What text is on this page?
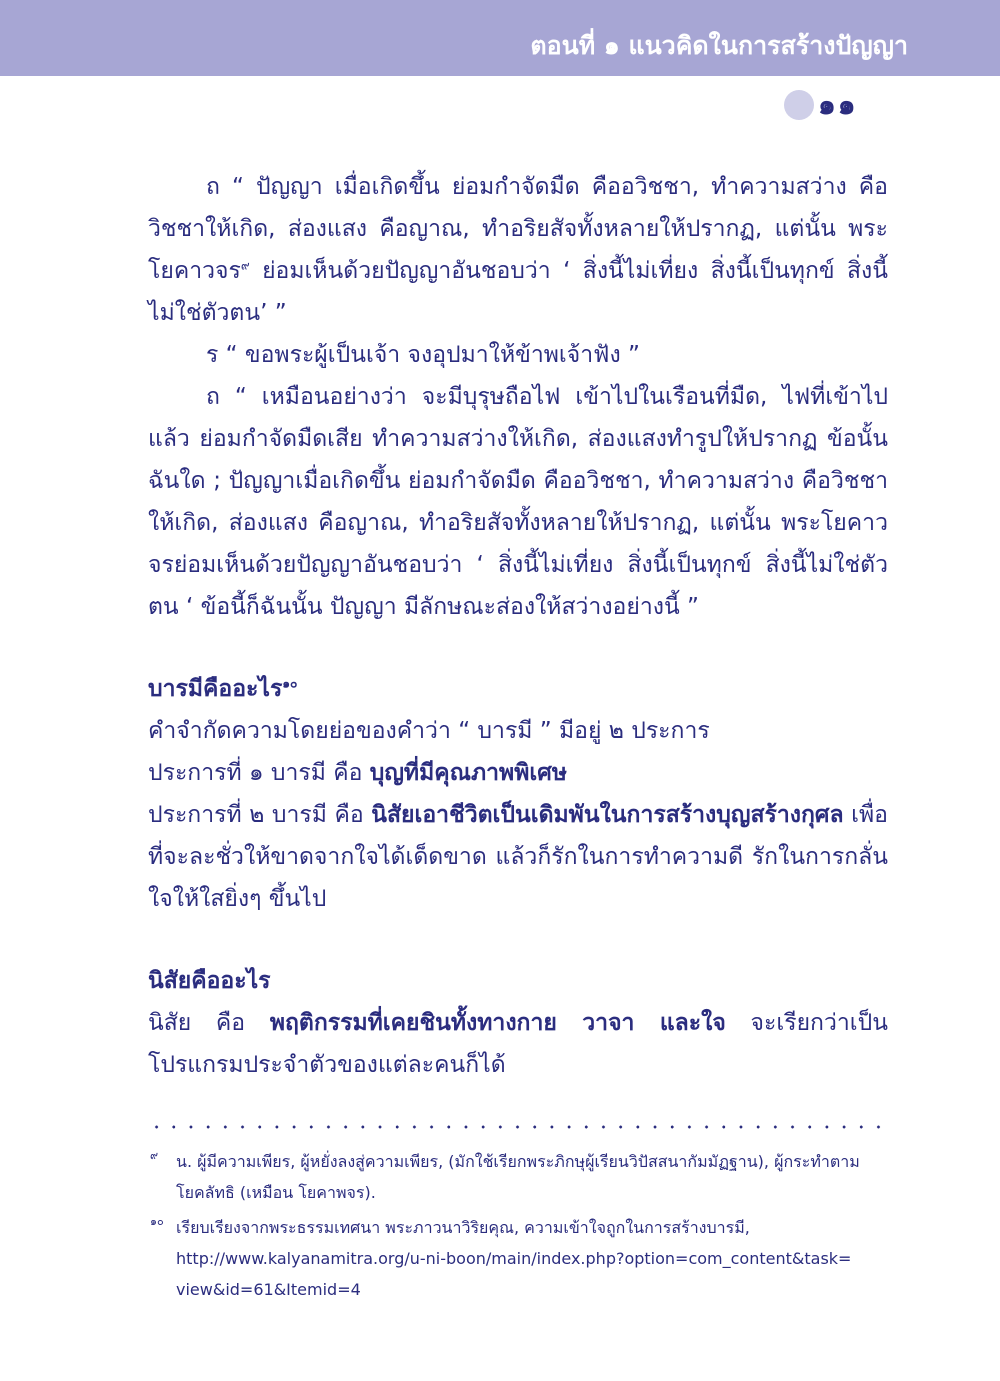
ตอนที่ ๑ แนวคิดในการสร้างปัญญา
๑๑

ถ “ ปัญญา เมื่อเกิดขึ้น ย่อมกำจัดมืด คืออวิชชา, ทำความสว่าง คือ วิชชาให้เกิด, ส่องแสง คือญาณ, ทำอริยสัจทั้งหลายให้ปรากฏ, แต่นั้น พระโยคาวจร$^๙$ ย่อมเห็นด้วยปัญญาอันชอบว่า ‘ สิ่งนี้ไม่เที่ยง สิ่งนี้เป็นทุกข์ สิ่งนี้ไม่ใช่ตัวตน’ ”

ร “ ขอพระผู้เป็นเจ้า จงอุปมาให้ข้าพเจ้าฟัง ”

ถ “ เหมือนอย่างว่า จะมีบุรุษถือไฟ เข้าไปในเรือนที่มืด, ไฟที่เข้าไปแล้ว ย่อมกำจัดมืดเสีย ทำความสว่างให้เกิด, ส่องแสงทำรูปให้ปรากฏ ข้อนั้นฉันใด ; ปัญญาเมื่อเกิดขึ้น ย่อมกำจัดมืด คืออวิชชา, ทำความสว่าง คือวิชชาให้เกิด, ส่องแสง คือญาณ, ทำอริยสัจทั้งหลายให้ปรากฏ, แต่นั้น พระโยคาวจรย่อมเห็นด้วยปัญญาอันชอบว่า ‘ สิ่งนี้ไม่เที่ยง สิ่งนี้เป็นทุกข์ สิ่งนี้ไม่ใช่ตัวตน ‘ ข้อนี้ก็ฉันนั้น ปัญญา มีลักษณะส่องให้สว่างอย่างนี้ ”

บารมีคืออะไร$^{๑๐}$

คำจำกัดความโดยย่อของคำว่า “ บารมี ” มีอยู่ ๒ ประการ

ประการที่ ๑ บารมี คือ บุญที่มีคุณภาพพิเศษ

ประการที่ ๒ บารมี คือ นิสัยเอาชีวิตเป็นเดิมพันในการสร้างบุญสร้างกุศล เพื่อที่จะละชั่วให้ขาดจากใจได้เด็ดขาด แล้วก็รักในการทำความดี รักในการกลั่นใจให้ใสยิ่งๆ ขึ้นไป

นิสัยคืออะไร

นิสัย คือ พฤติกรรมที่เคยชินทั้งทางกาย วาจา และใจ จะเรียกว่าเป็นโปรแกรมประจำตัวของแต่ละคนก็ได้

๙ น. ผู้มีความเพียร, ผู้หยั่งลงสู่ความเพียร, (มักใช้เรียกพระภิกษุผู้เรียนวิปัสสนากัมมัฏฐาน), ผู้กระทำตามโยคลัทธิ (เหมือน โยคาพจร).

๑๐ เรียบเรียงจากพระธรรมเทศนา พระภาวนาวิริยคุณ, ความเข้าใจถูกในการสร้างบารมี,
http://www.kalyanamitra.org/u-ni-boon/main/index.php?option=com_content&task=
view&id=61&Itemid=4
